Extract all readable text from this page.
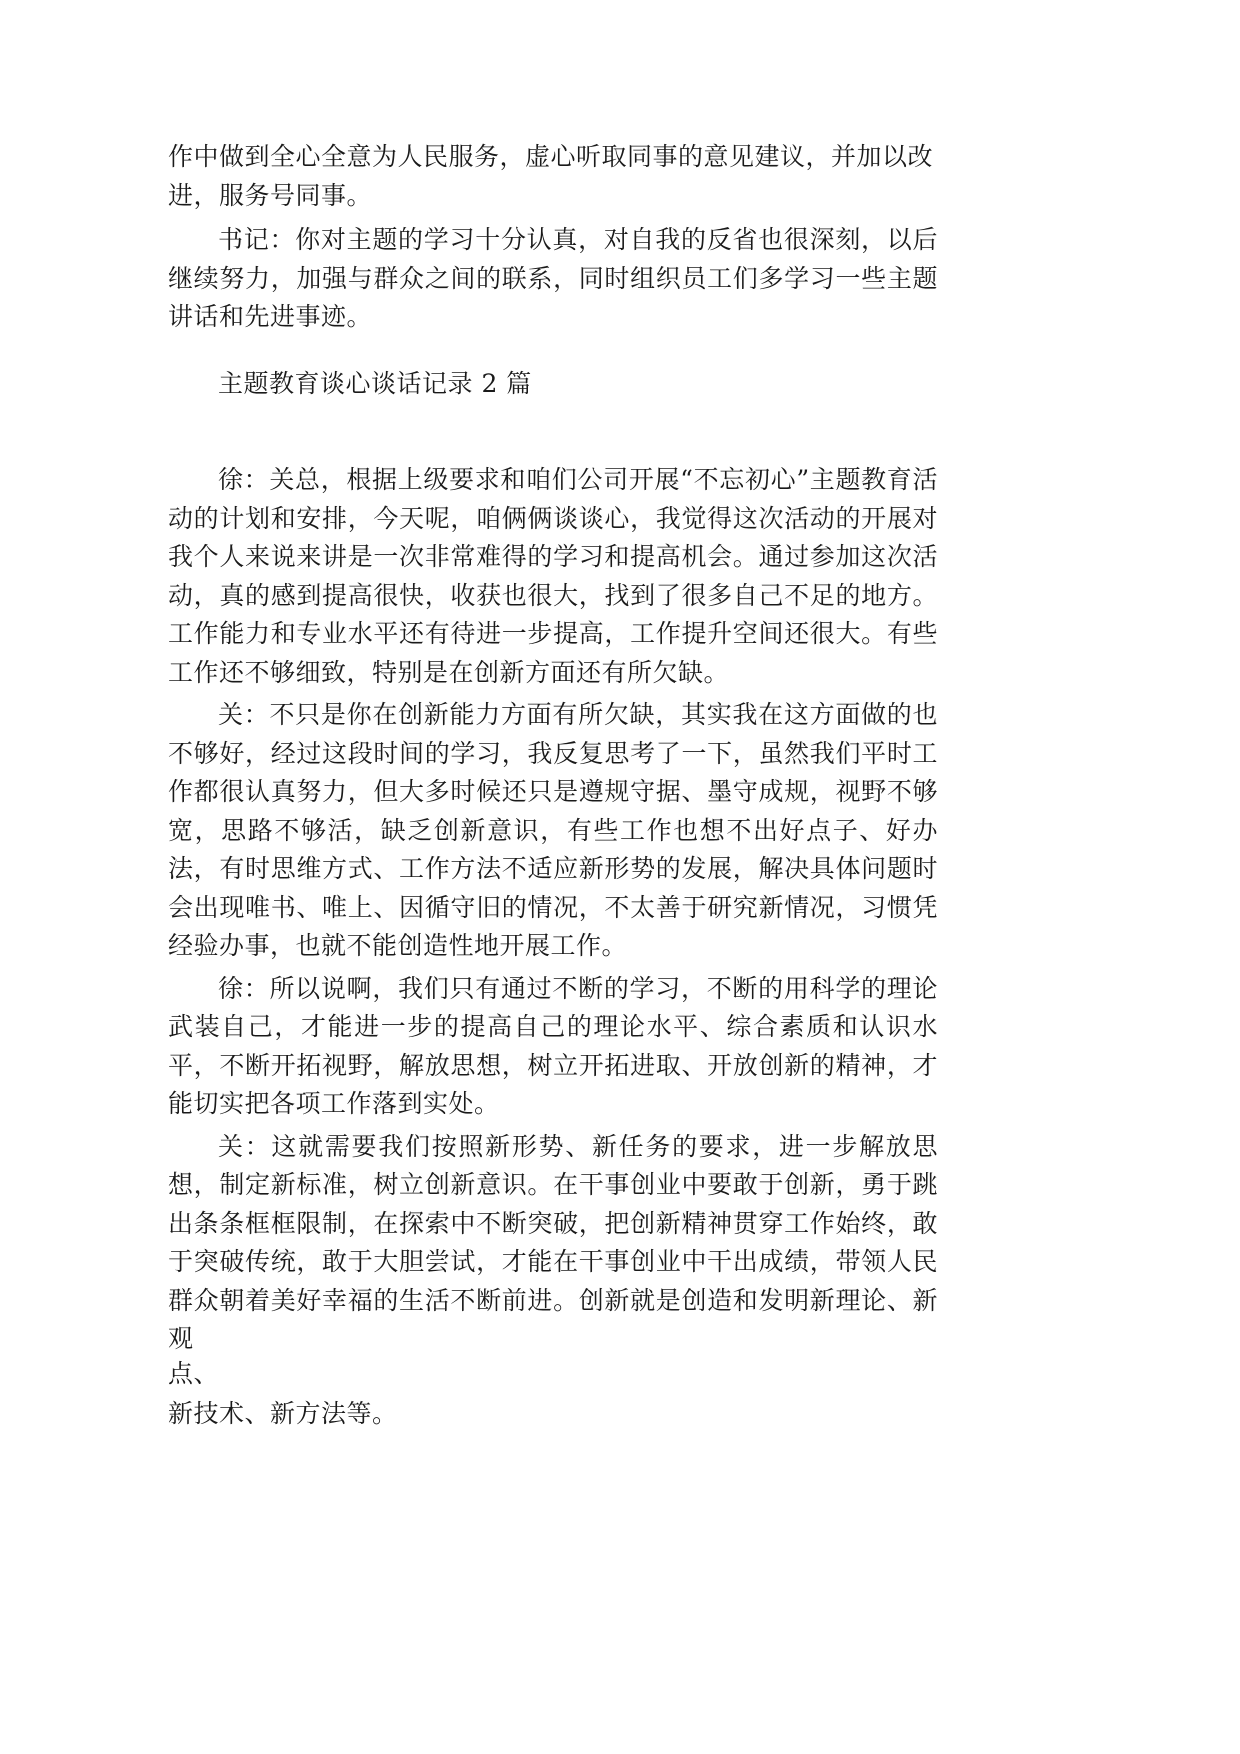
作中做到全心全意为人民服务，虚心听取同事的意见建议，并加以改
进，服务号同事。

书记：你对主题的学习十分认真，对自我的反省也很深刻，以后继续努力，加强与群众之间的联系，同时组织员工们多学习一些主题讲话和先进事迹。

主题教育谈心谈话记录 2 篇

徐：关总，根据上级要求和咱们公司开展“不忘初心”主题教育活动的计划和安排，今天呢，咱俩俩谈谈心，我觉得这次活动的开展对我个人来说来讲是一次非常难得的学习和提高机会。通过参加这次活动，真的感到提高很快，收获也很大，找到了很多自己不足的地方。工作能力和专业水平还有待进一步提高，工作提升空间还很大。有些工作还不够细致，特别是在创新方面还有所欠缺。

关：不只是你在创新能力方面有所欠缺，其实我在这方面做的也不够好，经过这段时间的学习，我反复思考了一下，虽然我们平时工作都很认真努力，但大多时候还只是遵规守据、墨守成规，视野不够宽，思路不够活，缺乏创新意识，有些工作也想不出好点子、好办法，有时思维方式、工作方法不适应新形势的发展，解决具体问题时会出现唯书、唯上、因循守旧的情况，不太善于研究新情况，习惯凭经验办事，也就不能创造性地开展工作。

徐：所以说啊，我们只有通过不断的学习，不断的用科学的理论武装自己，才能进一步的提高自己的理论水平、综合素质和认识水平，不断开拓视野，解放思想，树立开拓进取、开放创新的精神，才能切实把各项工作落到实处。

关：这就需要我们按照新形势、新任务的要求，进一步解放思想，制定新标准，树立创新意识。在干事创业中要敢于创新，勇于跳出条条框框限制，在探索中不断突破，把创新精神贯穿工作始终，敢于突破传统，敢于大胆尝试，才能在干事创业中干出成绩，带领人民群众朝着美好幸福的生活不断前进。创新就是创造和发明新理论、新观

点、

新技术、新方法等。
